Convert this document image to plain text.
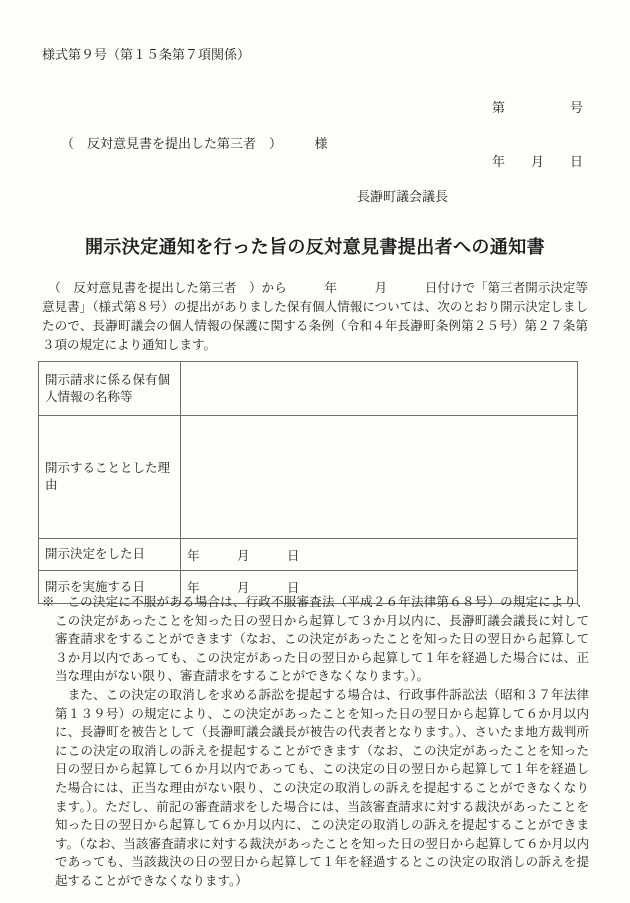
様式第９号（第１５条第７項関係）

第　　　　　号

年　　月　　日

（　反対意見書を提出した第三者　）　　　様
長瀞町議会議長
開示決定通知を行った旨の反対意見書提出者への通知書

　（　反対意見書を提出した第三者　）から　　　年　　　月　　　日付けで「第三者開示決定等意見書」（様式第８号）の提出がありました保有個人情報については、次のとおり開示決定しましたので、長瀞町議会の個人情報の保護に関する条例（令和４年長瀞町条例第２５号）第２７条第３項の規定により通知します。

開示請求に係る保有個人情報の名称等	
開示することとした理由	
開示決定をした日	年　　　月　　　日
開示を実施する日	年　　　月　　　日

※　この決定に不服がある場合は、行政不服審査法（平成２６年法律第６８号）の規定により、この決定があったことを知った日の翌日から起算して３か月以内に、長瀞町議会議長に対して審査請求をすることができます（なお、この決定があったことを知った日の翌日から起算して３か月以内であっても、この決定があった日の翌日から起算して１年を経過した場合には、正当な理由がない限り、審査請求をすることができなくなります。）。

　また、この決定の取消しを求める訴訟を提起する場合は、行政事件訴訟法（昭和３７年法律第１３９号）の規定により、この決定があったことを知った日の翌日から起算して６か月以内に、長瀞町を被告として（長瀞町議会議長が被告の代表者となります。）、さいたま地方裁判所にこの決定の取消しの訴えを提起することができます（なお、この決定があったことを知った日の翌日から起算して６か月以内であっても、この決定の日の翌日から起算して１年を経過した場合には、正当な理由がない限り、この決定の取消しの訴えを提起することができなくなります。）。ただし、前記の審査請求をした場合には、当該審査請求に対する裁決があったことを知った日の翌日から起算して６か月以内に、この決定の取消しの訴えを提起することができます。（なお、当該審査請求に対する裁決があったことを知った日の翌日から起算して６か月以内であっても、当該裁決の日の翌日から起算して１年を経過するとこの決定の取消しの訴えを提起することができなくなります。）
